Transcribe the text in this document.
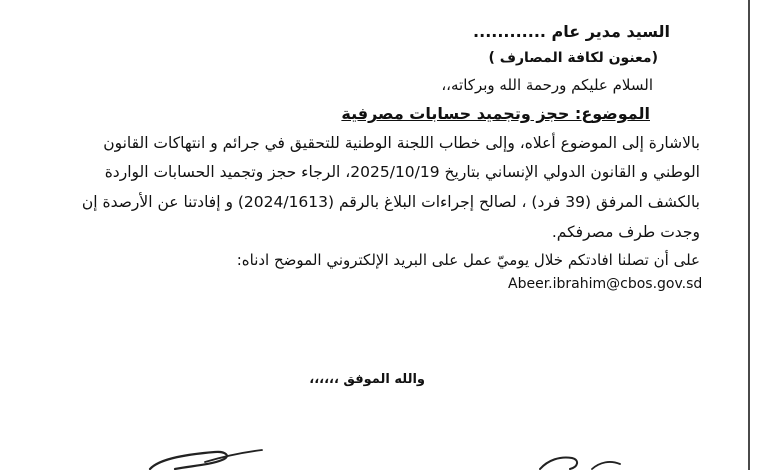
السيد مدير عام ............
(معنون لكافة المصارف )
السلام عليكم ورحمة الله وبركاته،،
الموضوع: حجز وتجميد حسابات مصرفية
بالاشارة إلى الموضوع أعلاه، وإلى خطاب اللجنة الوطنية للتحقيق في جرائم و انتهاكات القانون
الوطني و القانون الدولي الإنساني بتاريخ 2025/10/19، الرجاء حجز وتجميد الحسابات الواردة
بالكشف المرفق (39 فرد) ، لصالح إجراءات البلاغ بالرقم (2024/1613) و إفادتنا عن الأرصدة إن
وجدت طرف مصرفكم.
على أن تصلنا افادتكم خلال يوميّ عمل على البريد الإلكتروني الموضح ادناه:
Abeer.ibrahim@cbos.gov.sd
والله الموفق ،،،،،،
